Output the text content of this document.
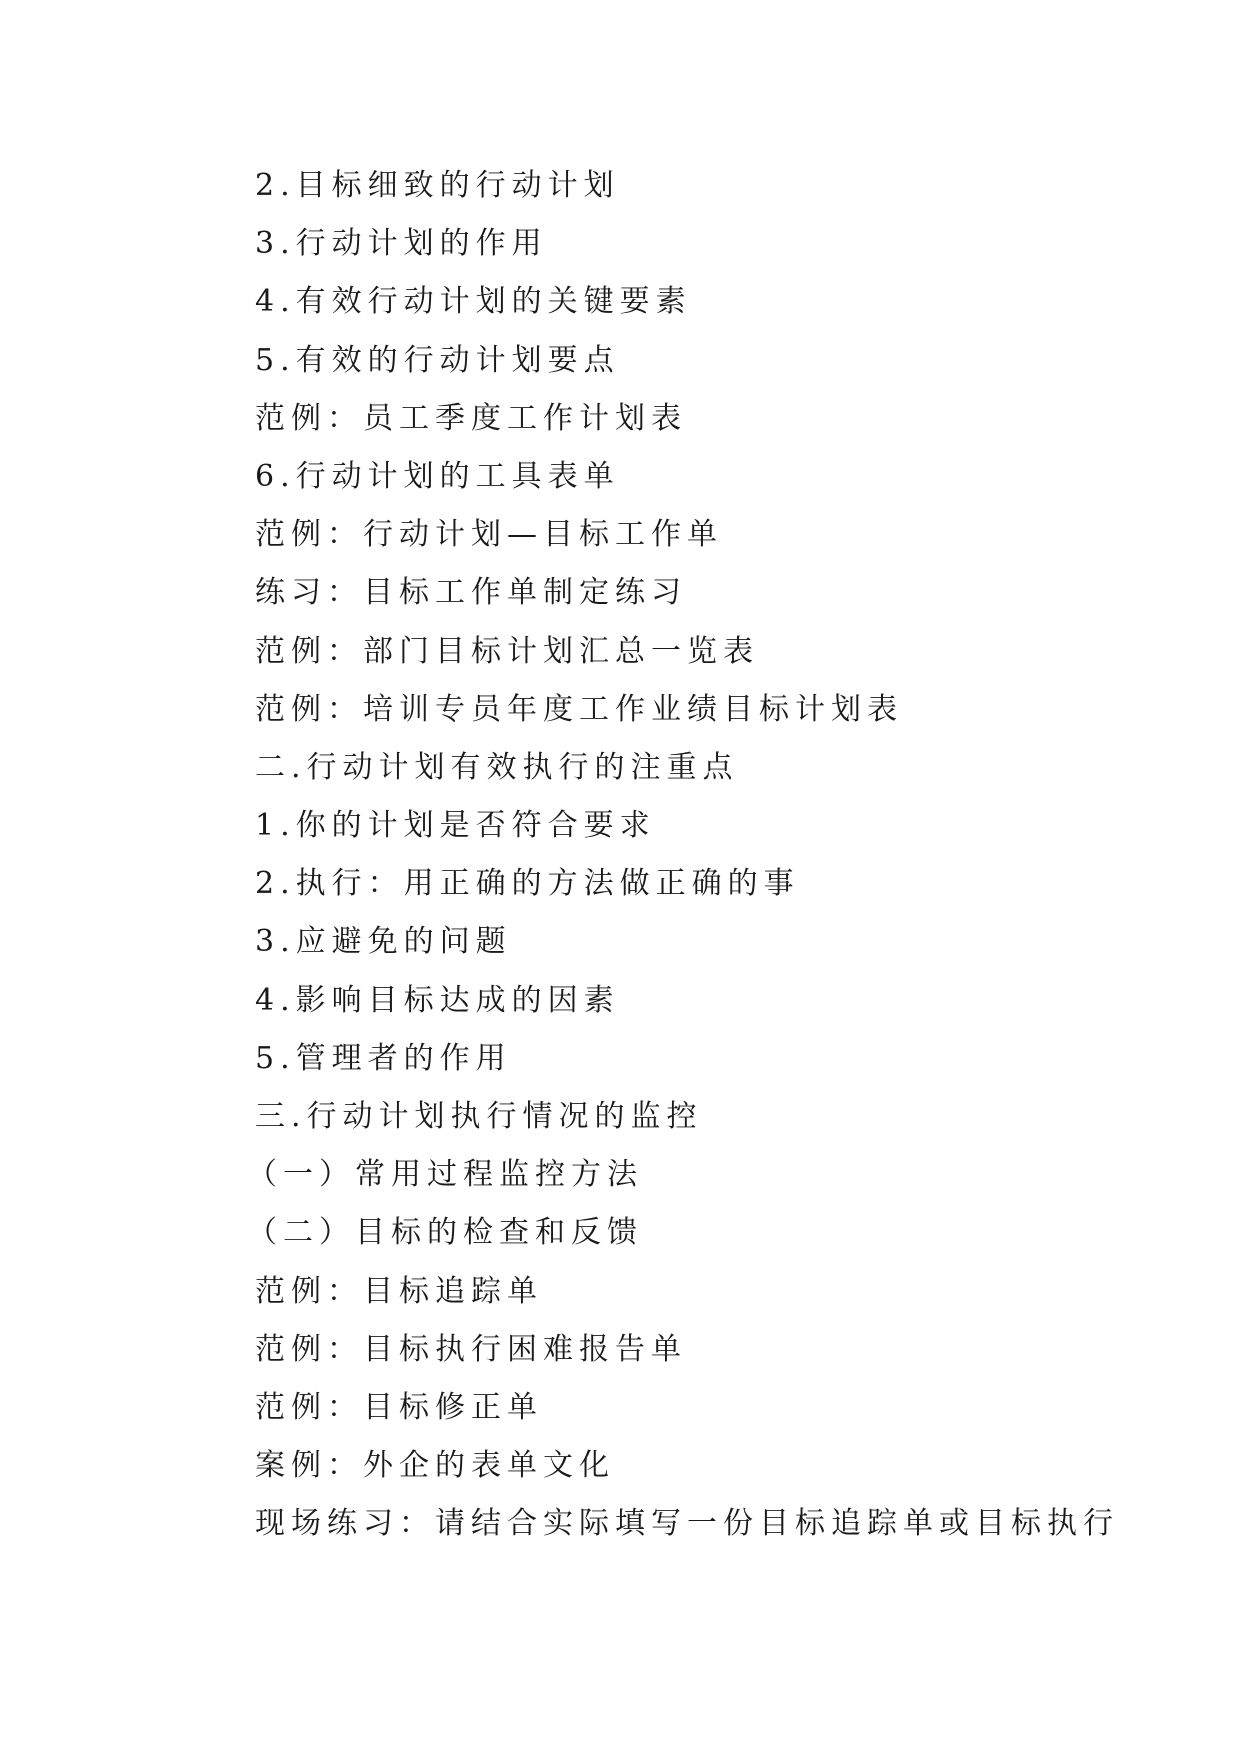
2.目标细致的行动计划
3.行动计划的作用
4.有效行动计划的关键要素
5.有效的行动计划要点
范例：员工季度工作计划表
6.行动计划的工具表单
范例：行动计划—目标工作单
练习：目标工作单制定练习
范例：部门目标计划汇总一览表
范例：培训专员年度工作业绩目标计划表
二.行动计划有效执行的注重点
1.你的计划是否符合要求
2.执行：用正确的方法做正确的事
3.应避免的问题
4.影响目标达成的因素
5.管理者的作用
三.行动计划执行情况的监控
（一）常用过程监控方法
（二）目标的检查和反馈
范例：目标追踪单
范例：目标执行困难报告单
范例：目标修正单
案例：外企的表单文化
现场练习：请结合实际填写一份目标追踪单或目标执行
